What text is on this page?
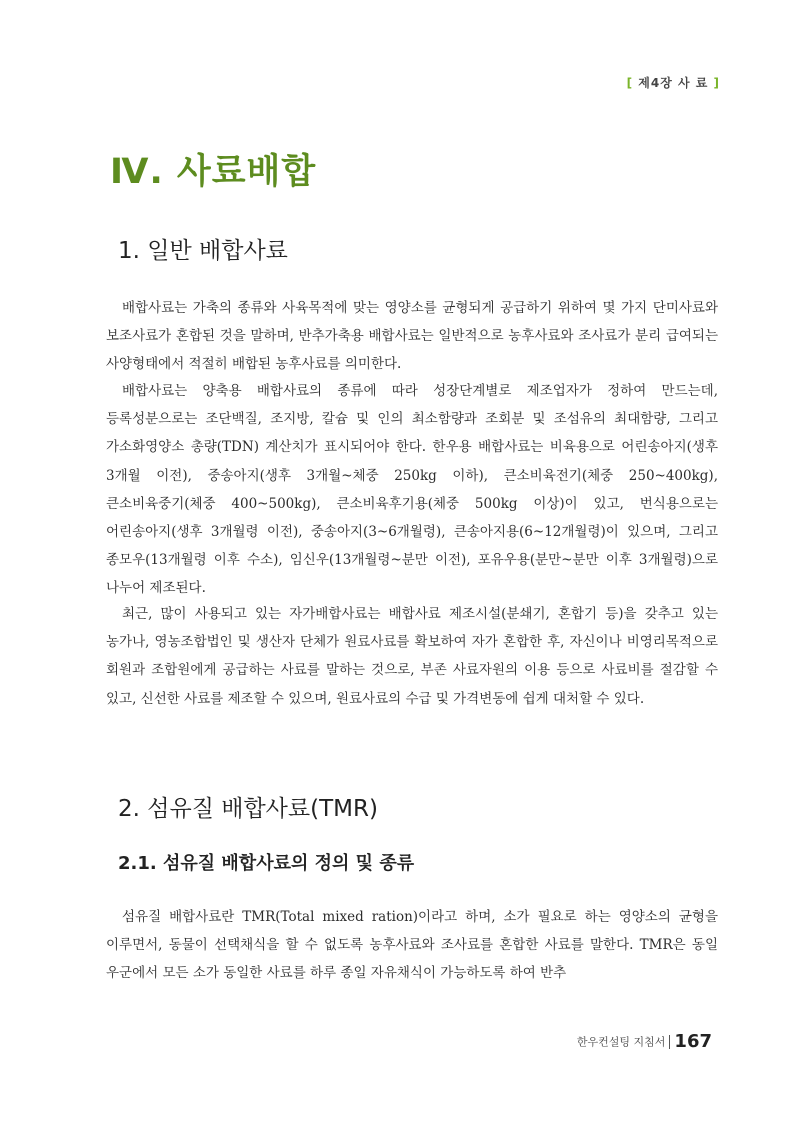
[ 제4장 사 료 ]
Ⅳ. 사료배합
1. 일반 배합사료

배합사료는 가축의 종류와 사육목적에 맞는 영양소를 균형되게 공급하기 위하여 몇 가지 단미사료와 보조사료가 혼합된 것을 말하며, 반추가축용 배합사료는 일반적으로 농후사료와 조사료가 분리 급여되는 사양형태에서 적절히 배합된 농후사료를 의미한다.

배합사료는 양축용 배합사료의 종류에 따라 성장단계별로 제조업자가 정하여 만드는데, 등록성분으로는 조단백질, 조지방, 칼슘 및 인의 최소함량과 조회분 및 조섬유의 최대함량, 그리고 가소화영양소 총량(TDN) 계산치가 표시되어야 한다. 한우용 배합사료는 비육용으로 어린송아지(생후 3개월 이전), 중송아지(생후 3개월~체중 250kg 이하), 큰소비육전기(체중 250~400kg), 큰소비육중기(체중 400~500kg), 큰소비육후기용(체중 500kg 이상)이 있고, 번식용으로는 어린송아지(생후 3개월령 이전), 중송아지(3~6개월령), 큰송아지용(6~12개월령)이 있으며, 그리고 종모우(13개월령 이후 수소), 임신우(13개월령~분만 이전), 포유우용(분만~분만 이후 3개월령)으로 나누어 제조된다.

최근, 많이 사용되고 있는 자가배합사료는 배합사료 제조시설(분쇄기, 혼합기 등)을 갖추고 있는 농가나, 영농조합법인 및 생산자 단체가 원료사료를 확보하여 자가 혼합한 후, 자신이나 비영리목적으로 회원과 조합원에게 공급하는 사료를 말하는 것으로, 부존 사료자원의 이용 등으로 사료비를 절감할 수 있고, 신선한 사료를 제조할 수 있으며, 원료사료의 수급 및 가격변동에 쉽게 대처할 수 있다.

2. 섬유질 배합사료(TMR)
2.1. 섬유질 배합사료의 정의 및 종류

섬유질 배합사료란 TMR(Total mixed ration)이라고 하며, 소가 필요로 하는 영양소의 균형을 이루면서, 동물이 선택채식을 할 수 없도록 농후사료와 조사료를 혼합한 사료를 말한다. TMR은 동일 우군에서 모든 소가 동일한 사료를 하루 종일 자유채식이 가능하도록 하여 반추

한우컨설팅 지침서 167
